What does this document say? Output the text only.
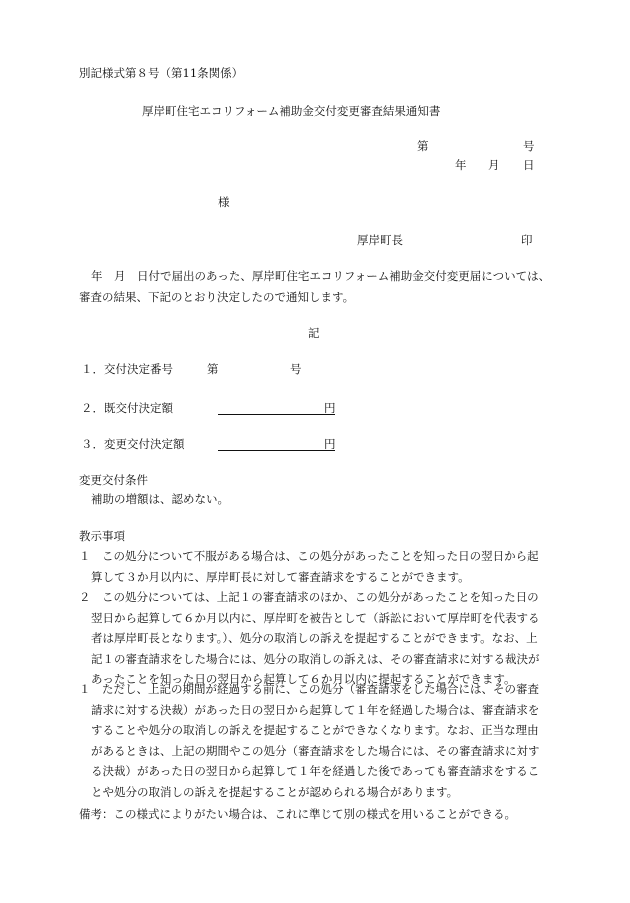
別記様式第８号（第11条関係）
厚岸町住宅エコリフォーム補助金交付変更審査結果通知書
第	号
年 月 日
様
厚岸町長	印
年　月　日付で届出のあった、厚岸町住宅エコリフォーム補助金交付変更届については、
審査の結果、下記のとおり決定したので通知します。
記
１．交付決定番号	第	号
２．既交付決定額	円
３．変更交付決定額	円
変更交付条件
補助の増額は、認めない。
教示事項
１　この処分について不服がある場合は、この処分があったことを知った日の翌日から起
算して３か月以内に、厚岸町長に対して審査請求をすることができます。
２　この処分については、上記１の審査請求のほか、この処分があったことを知った日の
翌日から起算して６か月以内に、厚岸町を被告として（訴訟において厚岸町を代表する
者は厚岸町長となります。）、処分の取消しの訴えを提起することができます。なお、上
記１の審査請求をした場合には、処分の取消しの訴えは、その審査請求に対する裁決が
あったことを知った日の翌日から起算して６か月以内に提起することができます。
１　ただし、上記の期間が経過する前に、この処分（審査請求をした場合には、その審査
請求に対する決裁）があった日の翌日から起算して１年を経過した場合は、審査請求を
することや処分の取消しの訴えを提起することができなくなります。なお、正当な理由
があるときは、上記の期間やこの処分（審査請求をした場合には、その審査請求に対す
る決裁）があった日の翌日から起算して１年を経過した後であっても審査請求をするこ
とや処分の取消しの訴えを提起することが認められる場合があります。
備考：この様式によりがたい場合は、これに準じて別の様式を用いることができる。
